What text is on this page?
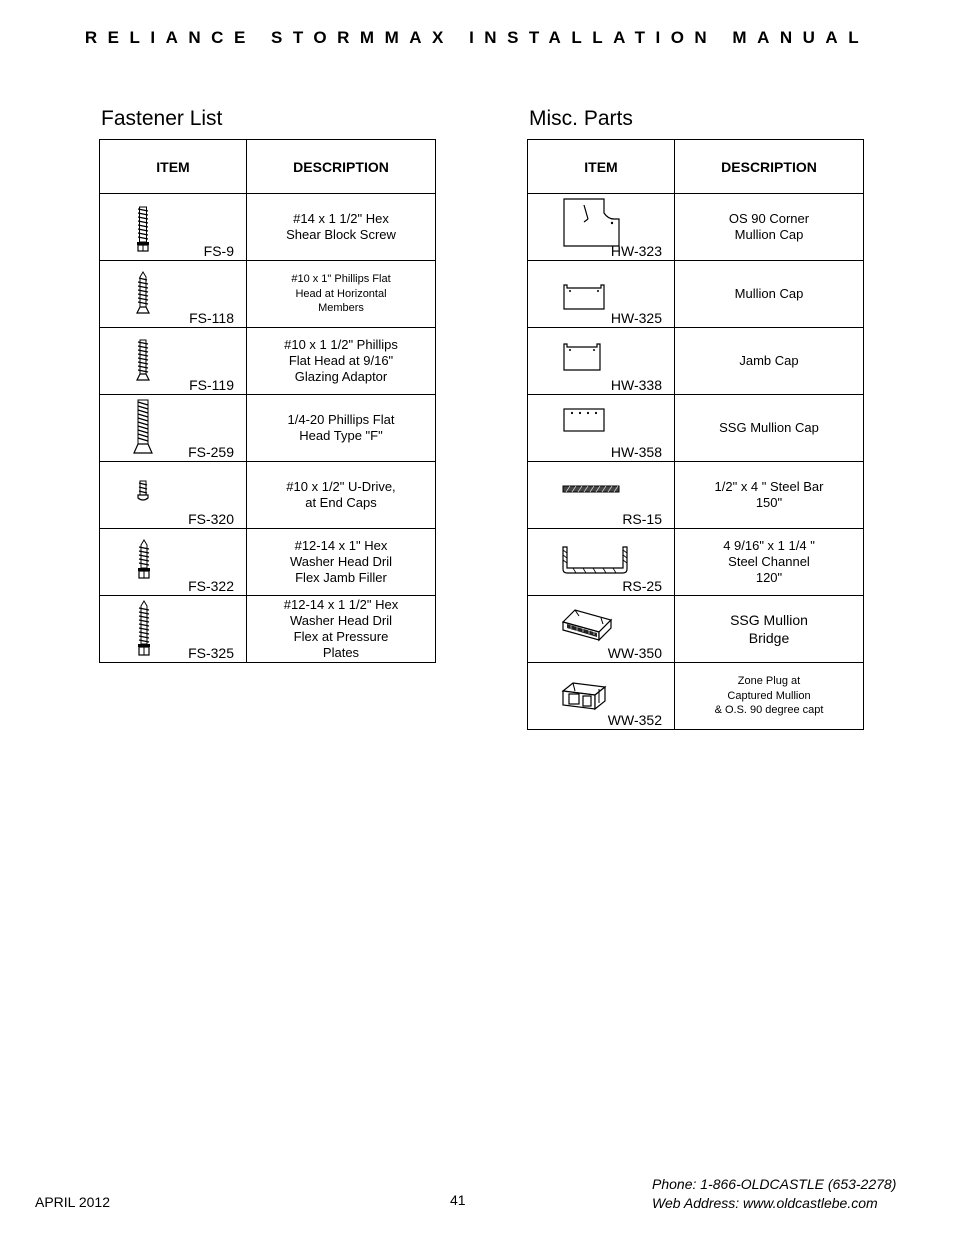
RELIANCE STORMMAX INSTALLATION MANUAL
Fastener List
ITEM	DESCRIPTION

FS-9	#14 x 1 1/2" Hex
Shear Block Screw

FS-118	#10 x 1" Phillips Flat
Head at Horizontal
Members

FS-119	#10 x 1 1/2" Phillips
Flat Head at 9/16"
Glazing Adaptor

FS-259	1/4-20 Phillips Flat
Head Type "F"

FS-320	#10 x 1/2" U-Drive,
at End Caps

FS-322	#12-14 x 1" Hex
Washer Head Dril
Flex Jamb Filler

FS-325	#12-14 x 1 1/2" Hex
Washer Head Dril
Flex at Pressure
Plates
Misc. Parts
ITEM	DESCRIPTION

HW-323	OS 90 Corner
Mullion Cap

HW-325	Mullion Cap

HW-338	Jamb Cap

HW-358	SSG Mullion Cap

RS-15	1/2" x 4 " Steel Bar
150"

RS-25	4 9/16" x 1 1/4 "
Steel Channel
120"

WW-350	SSG Mullion
Bridge

WW-352	Zone Plug at
Captured Mullion
& O.S. 90 degree capt
APRIL 2012	41
Phone: 1-866-OLDCASTLE (653-2278)
Web Address: www.oldcastlebe.com
